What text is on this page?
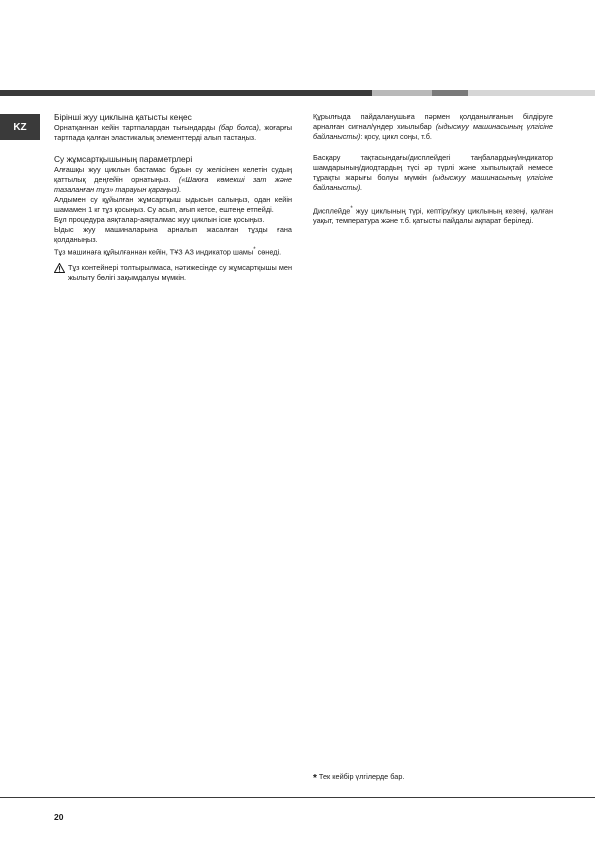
KZ
Бірінші жуу циклына қатысты кеңес

Орнатқаннан кейін тартпалардан тығындарды (бар болса), жоғарғы тартпада қалған эластикалық элементтерді алып тастаңыз.

Су жұмсартқышының параметрлері

Алғашқы жуу циклын бастамас бұрын су желісінен келетін судың қаттылық деңгейін орнатыңыз. («Шаюға көмекші зат және тазаланған тұз» тарауын қараңыз).

Алдымен су құйылған жұмсартқыш ыдысын салыңыз, одан кейін шамамен 1 кг тұз қосыңыз. Су асып, ағып кетсе, ештеңе етпейді.

Бұл процедура аяқталар-аяқталмас жуу циклын іске қосыңыз.

Ыдыс жуу машиналарына арналып жасалған тұзды ғана қолданыңыз.

Тұз машинаға құйылғаннан кейін, ТҰЗ АЗ индикатор шамы* сөнеді.

Тұз контейнері толтырылмаса, нәтижесінде су жұмсартқышы мен жылыту бөлігі зақымдалуы мүмкін.

Құрылғыда пайдаланушыға пәрмен қолданылғанын білдіруге арналған сигнал/үндер хиылыбар (ыдысжуу машинасының үлгісіне байланысты): қосу, цикл соңы, т.б.

Басқару тақтасындағы/дисплейдегі таңбалардың/индикатор шамдарының/диодтардың түсі әр түрлі және хыпылықтай немесе тұрақты жарығы болуы мүмкін (ыдысжуу машинасының үлгісіне байланысты).

Дисплейде* жуу циклының түрі, кептіру/жуу циклының кезеңі, қалған уақыт, температура және т.б. қатысты пайдалы ақпарат беріледі.

* Тек кейбір үлгілерде бар.
20
